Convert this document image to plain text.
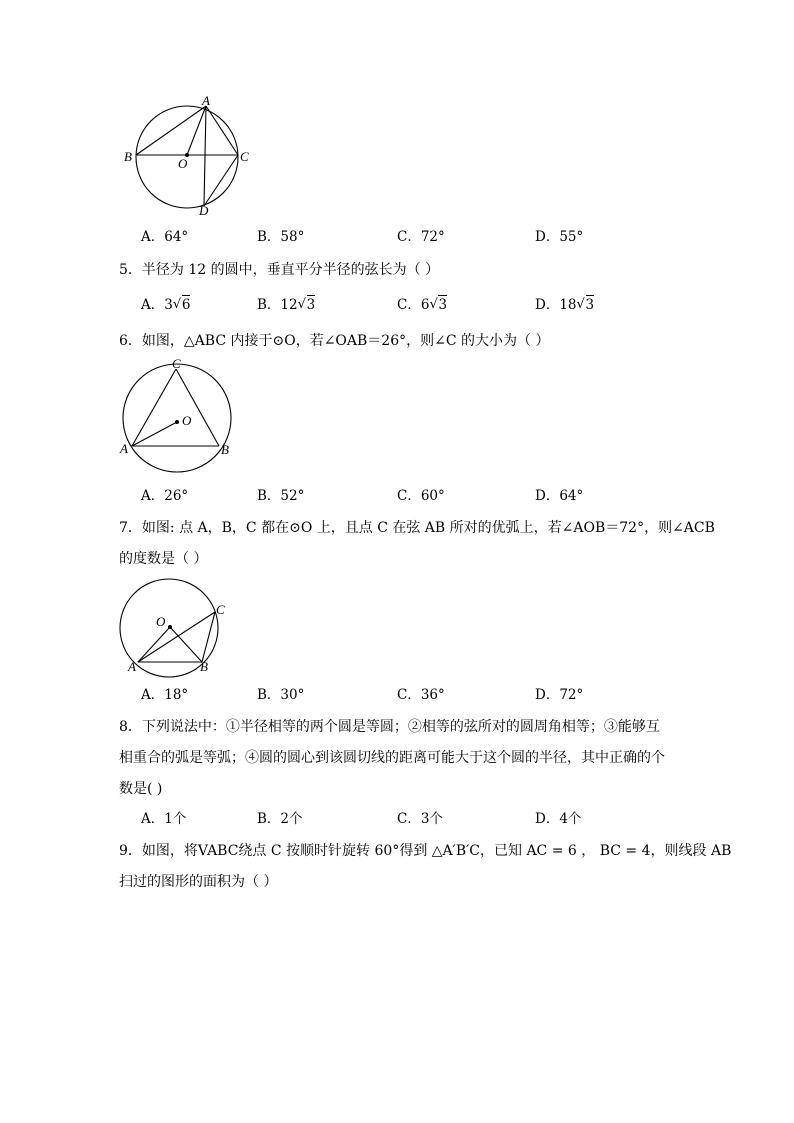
A
B	C
D
O
A．64°	B．58°	C．72°	D．55°
5．半径为 12 的圆中，垂直平分半径的弦长为（ ）
A．3 √ 6	B．12 √ 3	C．6 √ 3	D．18 √ 3
6．如图，△ABC 内接于⊙O，若∠OAB＝26°，则∠C 的大小为（ ）
C
O
A	B
A．26°	B．52°	C．60°	D．64°
7．如图: 点 A，B，C 都在⊙O 上，且点 C 在弦 AB 所对的优弧上，若∠AOB＝72°，则∠ACB
的度数是（ ）
C
O
A	B
A．18°	B．30°	C．36°	D．72°
8．下列说法中：①半径相等的两个圆是等圆；②相等的弦所对的圆周角相等；③能够互
相重合的弧是等弧；④圆的圆心到该圆切线的距离可能大于这个圆的半径，其中正确的个
数是( )
A．1个	B．2个	C．3个	D．4个
9．如图，将VABC绕点 C 按顺时针旋转 60°得到 △A′B′C，已知 AC = 6 ， BC = 4，则线段 AB
扫过的图形的面积为（ ）
